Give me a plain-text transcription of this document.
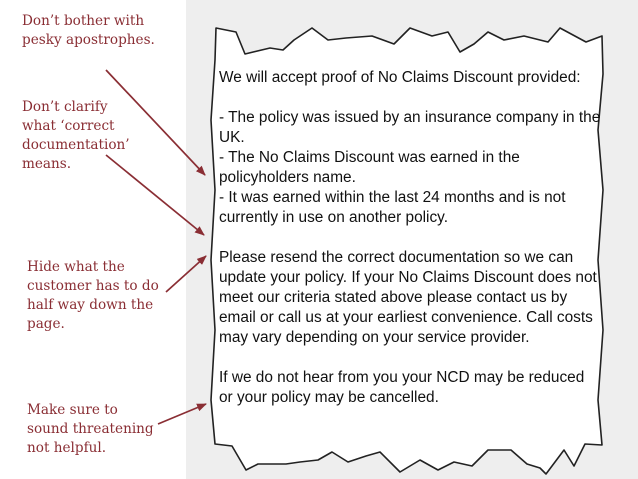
Don’t bother with
pesky apostrophes.

Don’t clarify
what ‘correct
documentation’
means.

Hide what the
customer has to do
half way down the
page.

Make sure to
sound threatening
not helpful.

We will accept proof of No Claims Discount provided:

- The policy was issued by an insurance company in the UK.
- The No Claims Discount was earned in the policyholders name.
- It was earned within the last 24 months and is not currently in use on another policy.

Please resend the correct documentation so we can update your policy. If your No Claims Discount does not meet our criteria stated above please contact us by email or call us at your earliest convenience. Call costs may vary depending on your service provider.

If we do not hear from you your NCD may be reduced or your policy may be cancelled.
